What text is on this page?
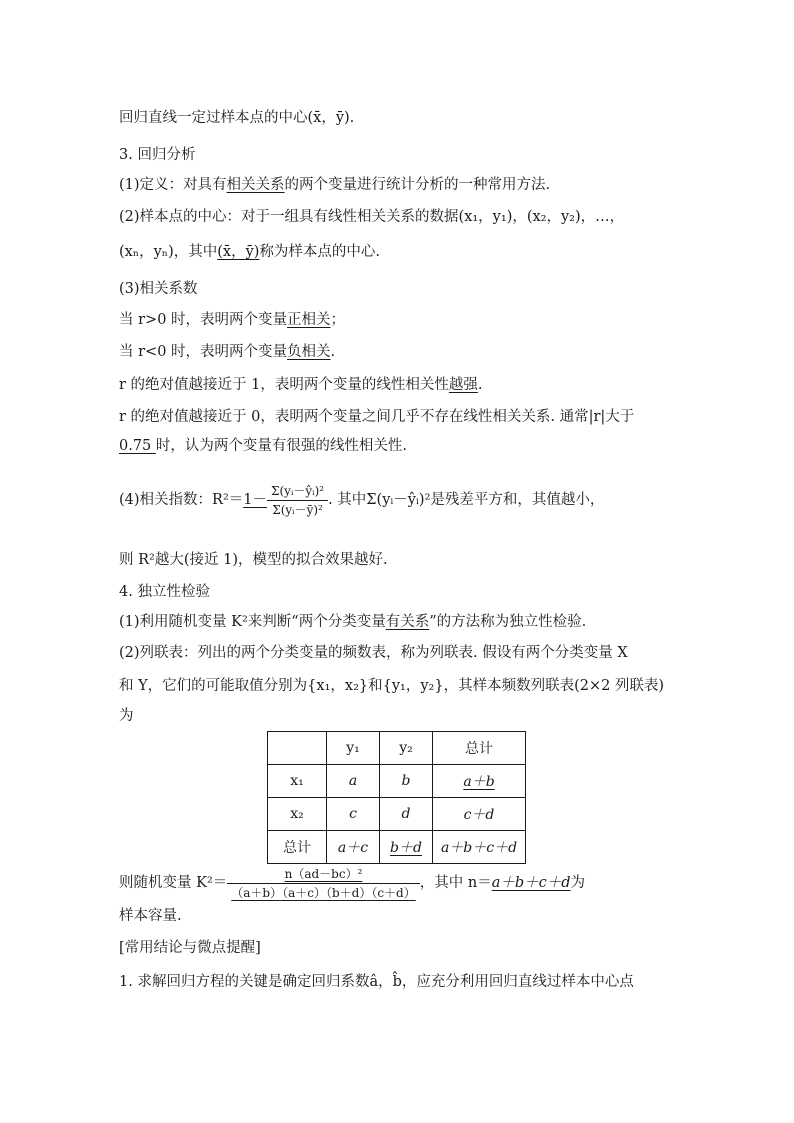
回归直线一定过样本点的中心(x̄，ȳ).
3. 回归分析
(1)定义：对具有相关关系的两个变量进行统计分析的一种常用方法.
(2)样本点的中心：对于一组具有线性相关关系的数据(x₁，y₁)，(x₂，y₂)，…，
(xₙ，yₙ)，其中(x̄，ȳ)称为样本点的中心.
(3)相关系数
当 r>0 时，表明两个变量正相关；
当 r<0 时，表明两个变量负相关.
r 的绝对值越接近于 1，表明两个变量的线性相关性越强.
r 的绝对值越接近于 0，表明两个变量之间几乎不存在线性相关关系. 通常|r|大于
0.75 时，认为两个变量有很强的线性相关性.
(4)相关指数：$R^2=1- \frac{\text{Σ(yᵢ－ŷᵢ)²}}{\text{Σ(yᵢ－ȳ)²}}$ . 其中Σ(yᵢ－ŷᵢ)²是残差平方和，其值越小，
则 R²越大(接近 1)，模型的拟合效果越好.
4. 独立性检验
(1)利用随机变量 K²来判断“两个分类变量有关系”的方法称为独立性检验.
(2)列联表：列出的两个分类变量的频数表，称为列联表. 假设有两个分类变量 X
和 Y，它们的可能取值分别为{x₁，x₂}和{y₁，y₂}，其样本频数列联表(2×2 列联表)
为
	y₁	y₂	总计
x₁	a	b	a＋b
x₂	c	d	c＋d
总计	a＋c	b＋d	a＋b＋c＋d
则随机变量 $K^2= \frac{\text{n（ad－bc）²}}{(a+b)(a+c)(b+d)(c+d)}$ ，其中 n＝a＋b＋c＋d为
样本容量.
[常用结论与微点提醒]
1. 求解回归方程的关键是确定回归系数â，b̂，应充分利用回归直线过样本中心点
